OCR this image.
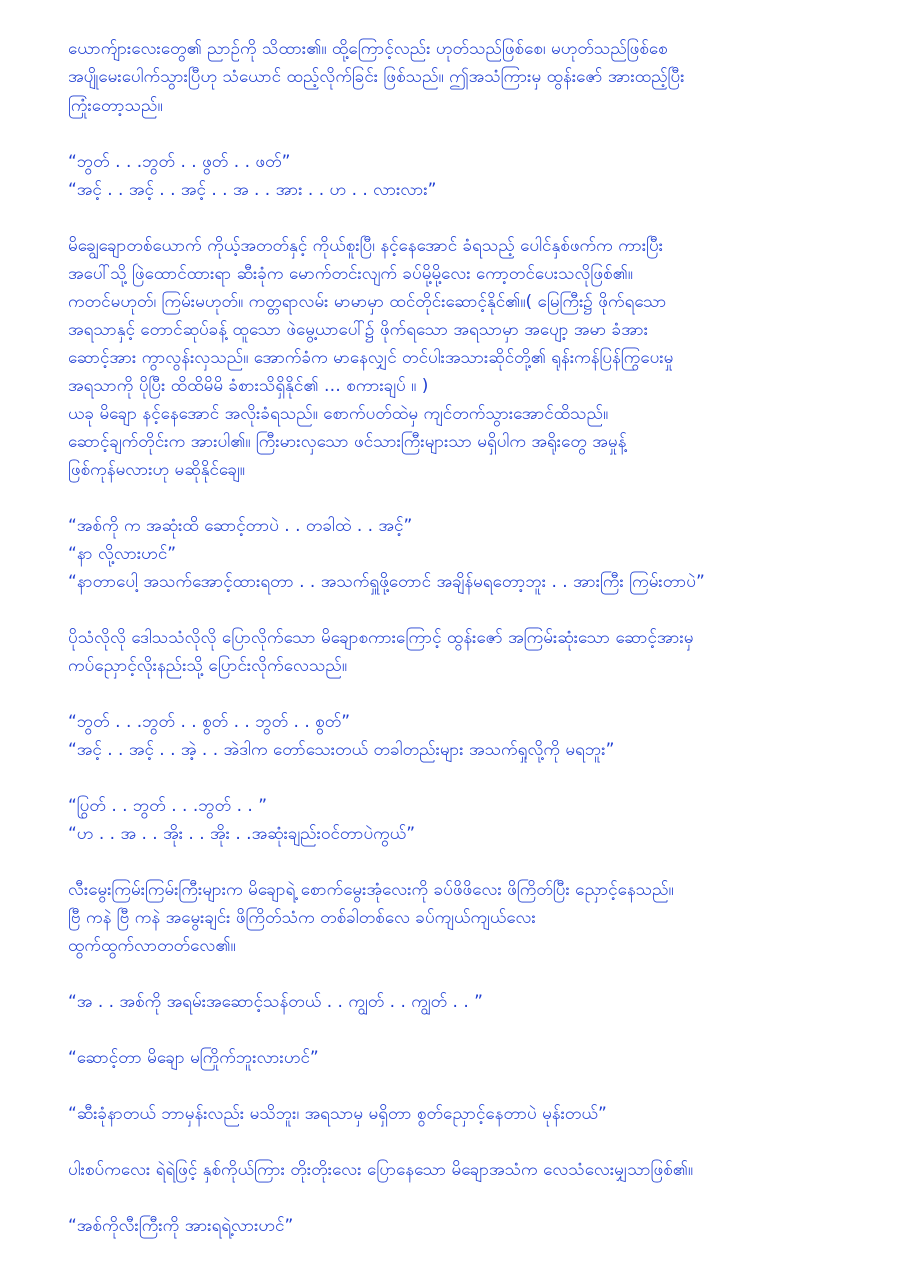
ယောက်ျားလေးတွေ၏ ညာဥ်ကို သိထား၏။ ထို့ကြောင့်လည်း ဟုတ်သည်ဖြစ်စေ၊ မဟုတ်သည်ဖြစ်စေ
အပျိုမေးပေါက်သွားပြီဟု သံယောင် ထည့်လိုက်ခြင်း ဖြစ်သည်။ ဤအသံကြားမှ ထွန်းဇော် အားထည့်ပြီး
ကြုံးတော့သည်။
“ဘွတ် . . .ဘွတ် . . ဖွတ် . . ဖတ်”
“အင့် . . အင့် . . အင့် . . အ . . အား . . ဟ . . လားလား”
မိချွေချောတစ်ယောက် ကိုယ့်အတတ်နှင့် ကိုယ်စူးပြီ၊ နင့်နေအောင် ခံရသည့် ပေါင်နှစ်ဖက်က ကားပြီး
အပေါ်သို့ ဖြဲထောင်ထားရာ ဆီးခုံက မောက်တင်းလျက် ခပ်မို့မို့လေး ကော့တင်ပေးသလိုဖြစ်၏။
ကတင်မဟုတ်၊ ကြမ်းမဟုတ်။ ကတ္တရာလမ်း မာမာမှာ ထင်တိုင်းဆောင့်နိုင်၏။( မြေကြီး၌ ဖိုက်ရသော
အရသာနှင့် တောင်ဆုပ်ခန့် ထူသော ဖဲမွေ့ယာပေါ်၌ ဖိုက်ရသော အရသာမှာ အပျော့ အမာ ခံအား
ဆောင့်အား ကွာလွန်းလှသည်။ အောက်ခံက မာနေလျှင် တင်ပါးအသားဆိုင်တို့၏ ရုန်းကန်ပြန်ကြွပေးမှု
အရသာကို ပိုပြီး ထိထိမိမိ ခံစားသိရှိနိုင်၏ … စကားချပ် ။ )
ယခု မိချော နင့်နေအောင် အလိုးခံရသည်။ စောက်ပတ်ထဲမှ ကျင်တက်သွားအောင်ထိသည်။
ဆောင့်ချက်တိုင်းက အားပါ၏။ ကြီးမားလှသော ဖင်သားကြီးများသာ မရှိပါက အရိုးတွေ အမှုန့်
ဖြစ်ကုန်မလားဟု မဆိုနိုင်ချေ။
“အစ်ကို က အဆုံးထိ ဆောင့်တာပဲ . . တခါထဲ . . အင့်”
“နာ လို့လားဟင်”
“နာတာပေါ့ အသက်အောင့်ထားရတာ . . အသက်ရှူဖို့တောင် အချိန်မရတော့ဘူး . . အားကြီး ကြမ်းတာပဲ”
ပိုသံလိုလို ဒေါသသံလိုလို ပြောလိုက်သော မိချောစကားကြောင့် ထွန်းဇော် အကြမ်းဆုံးသော ဆောင့်အားမှ
ကပ်ညှောင့်လိုးနည်းသို့ ပြောင်းလိုက်လေသည်။
“ဘွတ် . . .ဘွတ် . . စွတ် . . ဘွတ် . . စွတ်”
“အင့် . . အင့် . . အဲ့ . . အဲဒါက တော်သေးတယ် တခါတည်းများ အသက်ရှုလို့ကို မရဘူး”
“ပြွတ် . . ဘွတ် . . .ဘွတ် . . ”
“ဟ . . အ . . အိုး . . အိုး . .အဆုံးချည်းဝင်တာပဲကွယ်”
လီးမွေးကြမ်းကြမ်းကြီးများက မိချောရဲ့ စောက်မွေးအုံလေးကို ခပ်ဖိဖိလေး ဖိကြိတ်ပြီး ညှောင့်နေသည်။
ဗြီ ကနဲ ဗြီ ကနဲ အမွေးချင်း ဖိကြိတ်သံက တစ်ခါတစ်လေ ခပ်ကျယ်ကျယ်လေး
ထွက်ထွက်လာတတ်လေ၏။
“အ . . အစ်ကို အရမ်းအဆောင့်သန်တယ် . . ကျွတ် . . ကျွတ် . . ”
“ဆောင့်တာ မိချော မကြိုက်ဘူးလားဟင်”
“ဆီးခုံနာတယ် ဘာမှန်းလည်း မသိဘူး၊ အရသာမှ မရှိတာ စွတ်ညှောင့်နေတာပဲ မုန်းတယ်”
ပါးစပ်ကလေး ရဲရဲဖြင့် နှစ်ကိုယ်ကြား တိုးတိုးလေး ပြောနေသော မိချောအသံက လေသံလေးမျှသာဖြစ်၏။
“အစ်ကိုလီးကြီးကို အားရရဲ့လားဟင်”
